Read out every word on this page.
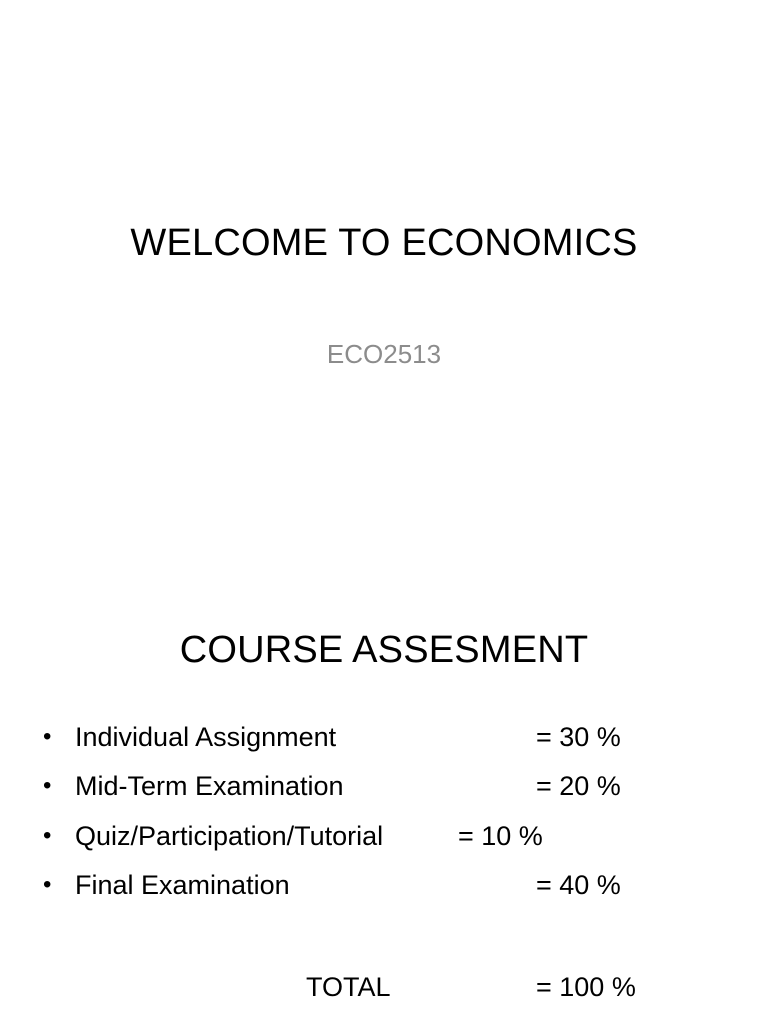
WELCOME TO ECONOMICS
ECO2513
COURSE ASSESMENT
• Individual Assignment	= 30 %
• Mid-Term Examination	= 20 %
• Quiz/Participation/Tutorial	= 10 %
• Final Examination	= 40 %
TOTAL	= 100 %
